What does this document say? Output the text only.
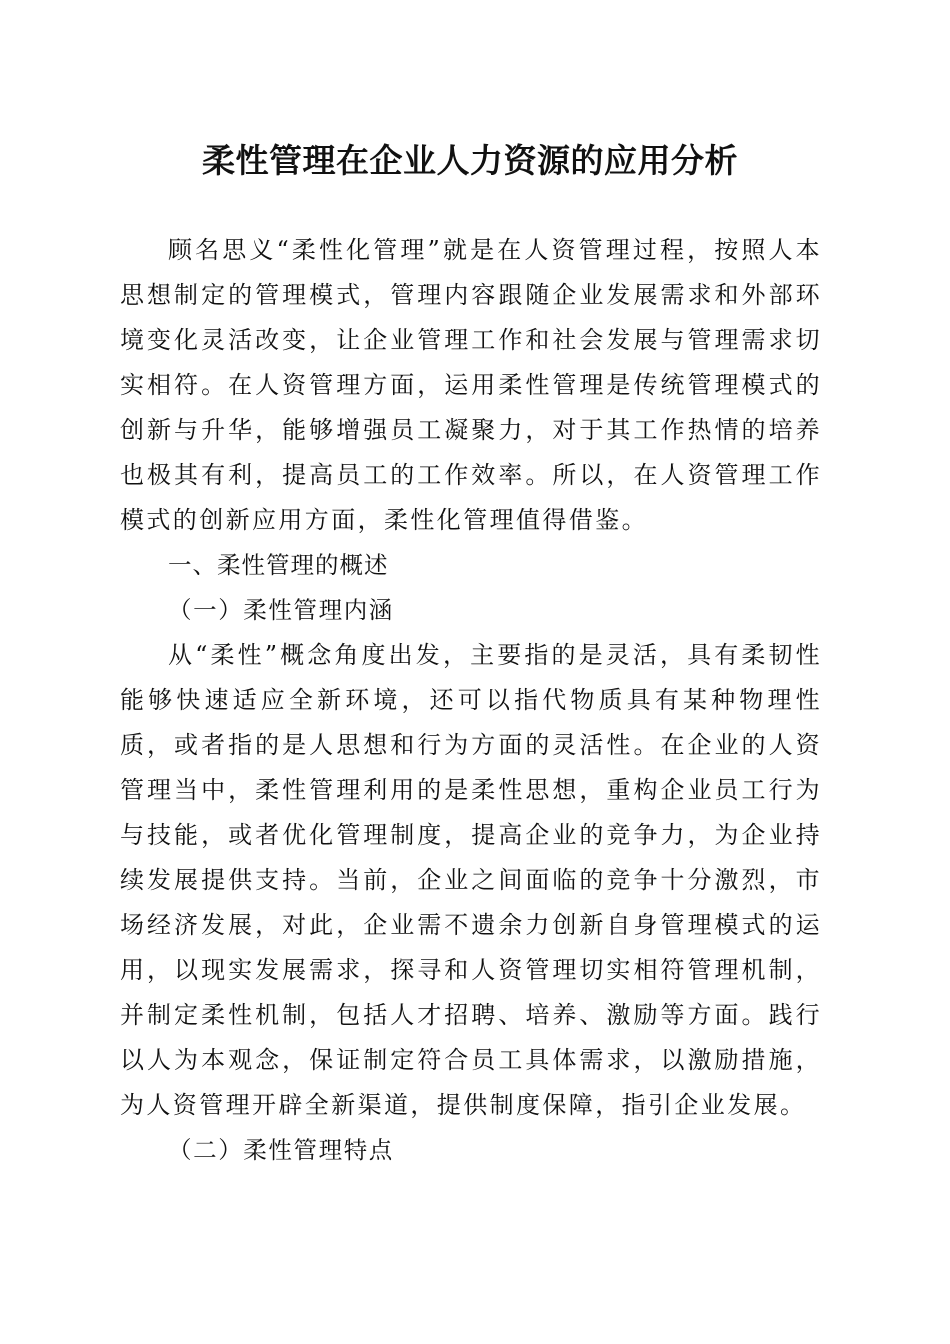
柔性管理在企业人力资源的应用分析

顾名思义“柔性化管理”就是在人资管理过程，按照人本思想制定的管理模式，管理内容跟随企业发展需求和外部环境变化灵活改变，让企业管理工作和社会发展与管理需求切实相符。在人资管理方面，运用柔性管理是传统管理模式的创新与升华，能够增强员工凝聚力，对于其工作热情的培养也极其有利，提高员工的工作效率。所以，在人资管理工作模式的创新应用方面，柔性化管理值得借鉴。

一、柔性管理的概述

（一）柔性管理内涵

从“柔性”概念角度出发，主要指的是灵活，具有柔韧性能够快速适应全新环境，还可以指代物质具有某种物理性质，或者指的是人思想和行为方面的灵活性。在企业的人资管理当中，柔性管理利用的是柔性思想，重构企业员工行为与技能，或者优化管理制度，提高企业的竞争力，为企业持续发展提供支持。当前，企业之间面临的竞争十分激烈，市场经济发展，对此，企业需不遗余力创新自身管理模式的运用，以现实发展需求，探寻和人资管理切实相符管理机制，并制定柔性机制，包括人才招聘、培养、激励等方面。践行以人为本观念，保证制定符合员工具体需求，以激励措施，为人资管理开辟全新渠道，提供制度保障，指引企业发展。

（二）柔性管理特点
